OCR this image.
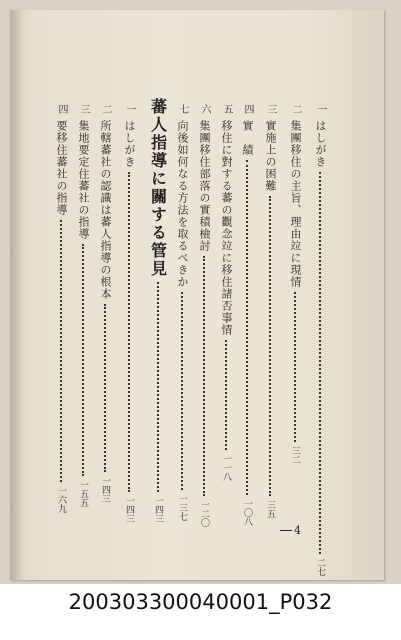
一
はしがき
二七
二
集團移住の主旨、理由竝に現情
三二
三
實施上の困難
三五
四
實　績
一〇八
五
移住に對する蕃の觀念竝に移住諸否事情
一一八
六
集團移住部落の實積檢討
一二〇
七
向後如何なる方法を取るべきか
一三七
蕃人指導に關する管見
一四三
一
はしがき
一四三
二
所轄蕃社の認識は蕃人指導の根本
一四三
三
集地要定住蕃社の指導
一五五
四
要移住蕃社の指導
一六九
4
200303300040001_P032
